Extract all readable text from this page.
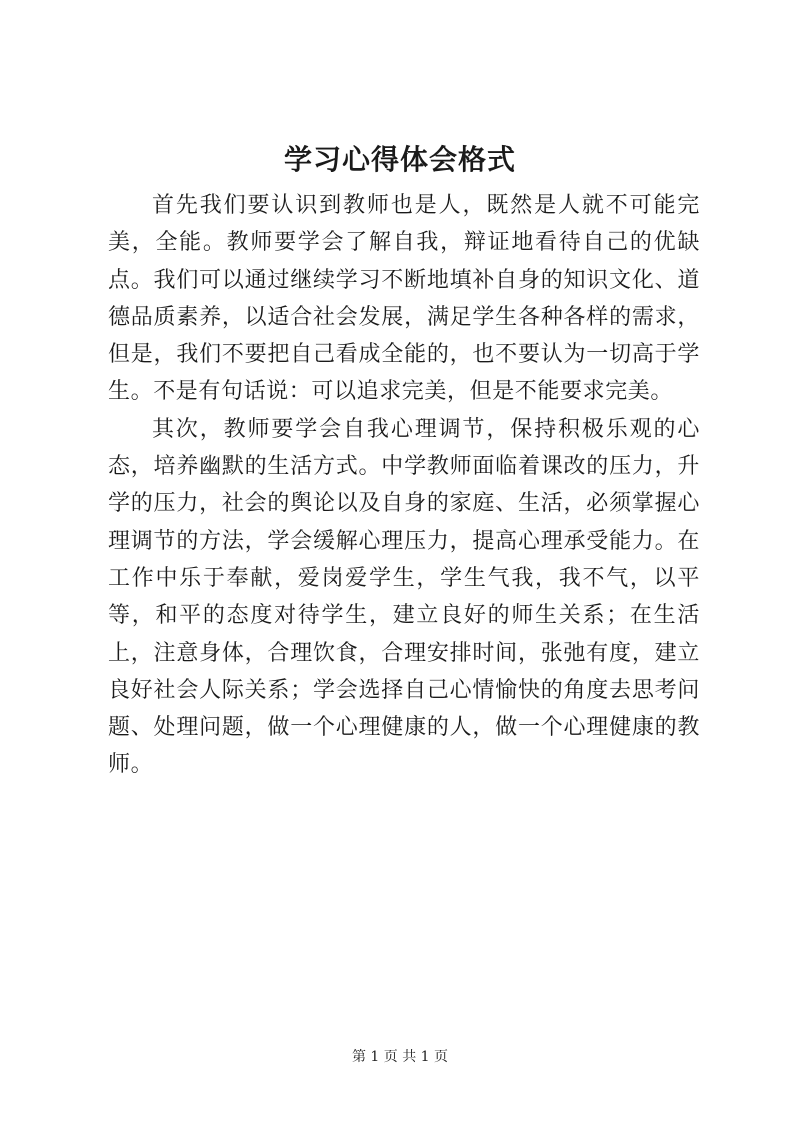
学习心得体会格式

首先我们要认识到教师也是人，既然是人就不可能完美，全能。教师要学会了解自我，辩证地看待自己的优缺点。我们可以通过继续学习不断地填补自身的知识文化、道德品质素养，以适合社会发展，满足学生各种各样的需求，但是，我们不要把自己看成全能的，也不要认为一切高于学生。不是有句话说：可以追求完美，但是不能要求完美。

其次，教师要学会自我心理调节，保持积极乐观的心态，培养幽默的生活方式。中学教师面临着课改的压力，升学的压力，社会的舆论以及自身的家庭、生活，必须掌握心理调节的方法，学会缓解心理压力，提高心理承受能力。在工作中乐于奉献，爱岗爱学生，学生气我，我不气，以平等，和平的态度对待学生，建立良好的师生关系；在生活上，注意身体，合理饮食，合理安排时间，张弛有度，建立良好社会人际关系；学会选择自己心情愉快的角度去思考问题、处理问题，做一个心理健康的人，做一个心理健康的教师。

第 1 页 共 1 页
